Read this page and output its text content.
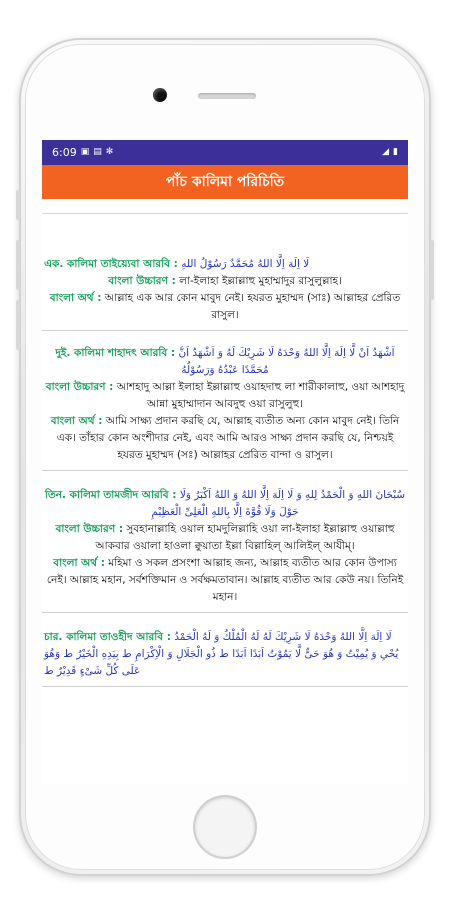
6:09 ▣ ▤ ✻	◢ ▮
পাঁচ কালিমা পরিচিতি
এক. কালিমা তাইয়্যেবা আরবি : لَا اِلَهَ اِلَّا اللهُ مُحَمَّدٌ رَسُوْلُ اللهِ
বাংলা উচ্চারণ : লা-ইলাহা ইল্লাল্লাহু মুহাম্মাদুর রাসুলুল্লাহ।
বাংলা অর্থ : আল্লাহ এক আর কোন মাবুদ নেই। হযরত মুহাম্মদ (সাঃ) আল্লাহর প্রেরিত রাসুল।
দুই. কালিমা শাহাদৎ আরবি : اَشْهَدُ اَنْ لَّا اِلَهَ اِلَّا اللهُ وَحْدَهُ لَا شَرِيْكَ لَهُ وَ اَشْهَدُ اَنَّ مُحَمَّدًا عَبْدُهُ وَرَسُوْلُهُ
বাংলা উচ্চারণ : আশহাদু আল্লা ইলাহা ইল্লাল্লাহু ওয়াহদাহু লা শারীকালাহু, ওয়া আশহাদু আন্না মুহাম্মাদান আবদুহু ওয়া রাসুলুহু।
বাংলা অর্থ : আমি সাক্ষ্য প্রদান করছি যে, আল্লাহ ব্যতীত অন্য কোন মাবুদ নেই। তিনি এক। তাঁহার কোন অংশীদার নেই, এবং আমি আরও সাক্ষ্য প্রদান করছি যে, নিশ্চয়ই হযরত মুহাম্মদ (সঃ) আল্লাহর প্রেরিত বান্দা ও রাসুল।
তিন. কালিমা তামজীদ আরবি : سُبْحَانَ اللهِ وَ الْحَمْدُ لِلهِ وَ لَا اِلَهَ اِلَّا اللهُ وَ اللهُ اَكْبَرُ وَلَا حَوْلَ وَلَا قُوَّةَ اِلَّا بِاللهِ الْعَلِىِّ الْعَظِيْمِ
বাংলা উচ্চারণ : সুবহানাল্লাহি ওয়াল হামদুলিল্লাহি ওয়া লা-ইলাহা ইল্লাল্লাহু ওয়াল্লাহু আকবার ওয়ালা হাওলা ক্বুয়াতা ইল্লা বিল্লাহিল্ আলিইল্ আযীম্।
বাংলা অর্থ : মহিমা ও সকল প্রসংশা আল্লাহ জন্য, আল্লাহ ব্যতীত আর কোন উপাস্য নেই। আল্লাহ মহান, সর্বশক্তিমান ও সর্বক্ষমতাবান। আল্লাহ ব্যতীত আর কেউ নয়। তিনিই মহান।
চার. কালিমা তাওহীদ আরবি : لَا اِلَهَ اِلَّا اللهُ وَحْدَهُ لَا شَرِيْكَ لَهُ لَهُ الْمُلْكُ وَ لَهُ الْحَمْدُ يُحْىِ وَ يُمِيْتُ وَ هُوَ حَىٌّ لَّا يَمُوْتُ اَبَدًا اَبَدًا ط ذُو الْجَلَالِ وَ الْاِكْرَامِ ط بِيَدِهِ الْخَيْرُ ط وَهُوَ عَلَى كُلِّ شَىْءٍ قَدِيْرٌ ط
